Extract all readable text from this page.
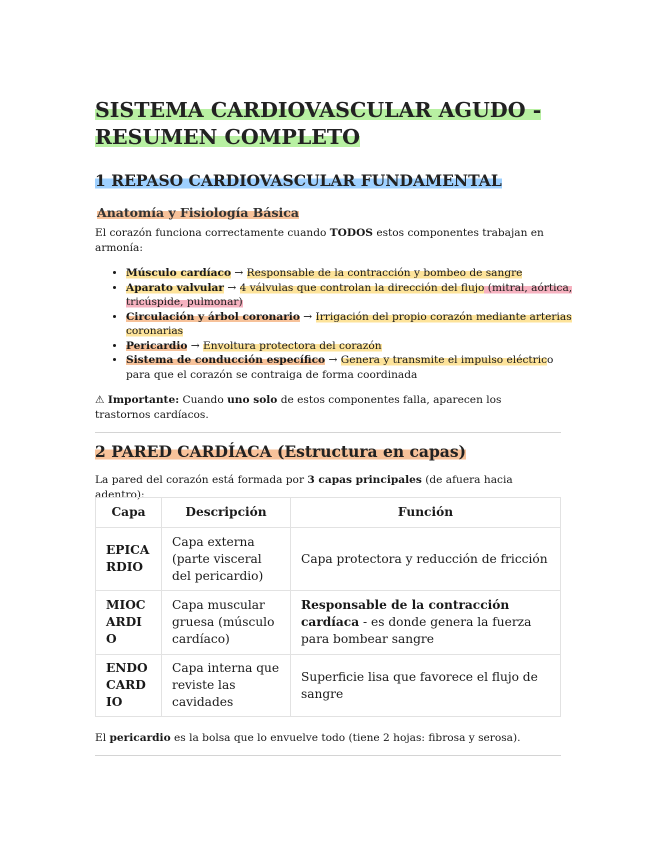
SISTEMA CARDIOVASCULAR AGUDO - RESUMEN COMPLETO
1 REPASO CARDIOVASCULAR FUNDAMENTAL
Anatomía y Fisiología Básica

El corazón funciona correctamente cuando TODOS estos componentes trabajan en armonía:

• Músculo cardíaco → Responsable de la contracción y bombeo de sangre
• Aparato valvular → 4 válvulas que controlan la dirección del flujo (mitral, aórtica, tricúspide, pulmonar)
• Circulación y árbol coronario → Irrigación del propio corazón mediante arterias coronarias
• Pericardio → Envoltura protectora del corazón
• Sistema de conducción específico → Genera y transmite el impulso eléctrico para que el corazón se contraiga de forma coordinada

⚠ Importante: Cuando uno solo de estos componentes falla, aparecen los trastornos cardíacos.

2 PARED CARDÍACA (Estructura en capas)

La pared del corazón está formada por 3 capas principales (de afuera hacia adentro):

Capa	Descripción	Función
EPICARDIO	Capa externa (parte visceral del pericardio)	Capa protectora y reducción de fricción
MIOCARDIO	Capa muscular gruesa (músculo cardíaco)	Responsable de la contracción cardíaca - es donde genera la fuerza para bombear sangre
ENDOCARDIO	Capa interna que reviste las cavidades	Superficie lisa que favorece el flujo de sangre

El pericardio es la bolsa que lo envuelve todo (tiene 2 hojas: fibrosa y serosa).
